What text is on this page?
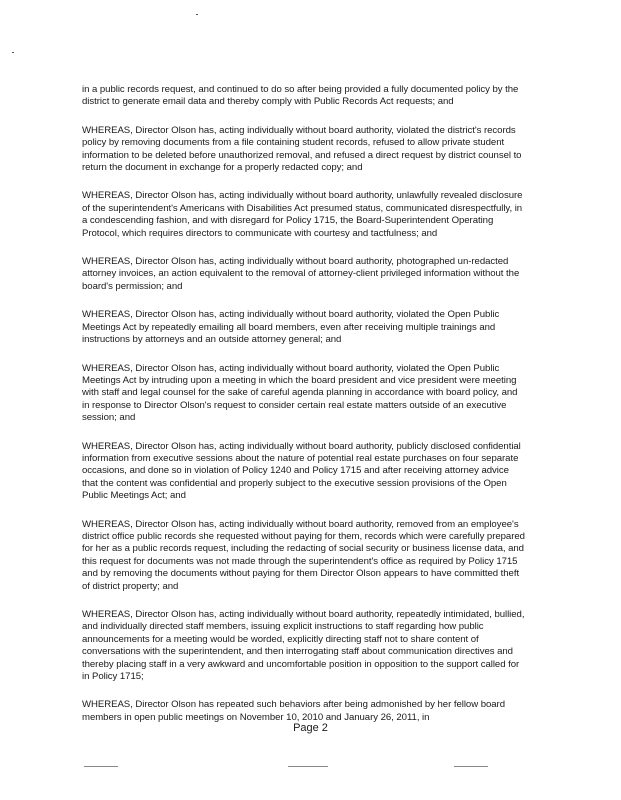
in a public records request, and continued to do so after being provided a fully documented policy by the district to generate email data and thereby comply with Public Records Act requests; and

WHEREAS, Director Olson has, acting individually without board authority, violated the district's records policy by removing documents from a file containing student records, refused to allow private student information to be deleted before unauthorized removal, and refused a direct request by district counsel to return the document in exchange for a properly redacted copy; and

WHEREAS, Director Olson has, acting individually without board authority, unlawfully revealed disclosure of the superintendent's Americans with Disabilities Act presumed status, communicated disrespectfully, in a condescending fashion, and with disregard for Policy 1715, the Board-Superintendent Operating Protocol, which requires directors to communicate with courtesy and tactfulness; and

WHEREAS, Director Olson has, acting individually without board authority, photographed un-redacted attorney invoices, an action equivalent to the removal of attorney-client privileged information without the board's permission; and

WHEREAS, Director Olson has, acting individually without board authority, violated the Open Public Meetings Act by repeatedly emailing all board members, even after receiving multiple trainings and instructions by attorneys and an outside attorney general; and

WHEREAS, Director Olson has, acting individually without board authority, violated the Open Public Meetings Act by intruding upon a meeting in which the board president and vice president were meeting with staff and legal counsel for the sake of careful agenda planning in accordance with board policy, and in response to Director Olson's request to consider certain real estate matters outside of an executive session; and

WHEREAS, Director Olson has, acting individually without board authority, publicly disclosed confidential information from executive sessions about the nature of potential real estate purchases on four separate occasions, and done so in violation of Policy 1240 and Policy 1715 and after receiving attorney advice that the content was confidential and properly subject to the executive session provisions of the Open Public Meetings Act; and

WHEREAS, Director Olson has, acting individually without board authority, removed from an employee's district office public records she requested without paying for them, records which were carefully prepared for her as a public records request, including the redacting of social security or business license data, and this request for documents was not made through the superintendent's office as required by Policy 1715 and by removing the documents without paying for them Director Olson appears to have committed theft of district property; and

WHEREAS, Director Olson has, acting individually without board authority, repeatedly intimidated, bullied, and individually directed staff members, issuing explicit instructions to staff regarding how public announcements for a meeting would be worded, explicitly directing staff not to share content of conversations with the superintendent, and then interrogating staff about communication directives and thereby placing staff in a very awkward and uncomfortable position in opposition to the support called for in Policy 1715;

WHEREAS, Director Olson has repeated such behaviors after being admonished by her fellow board members in open public meetings on November 10, 2010 and January 26, 2011, in

Page 2
